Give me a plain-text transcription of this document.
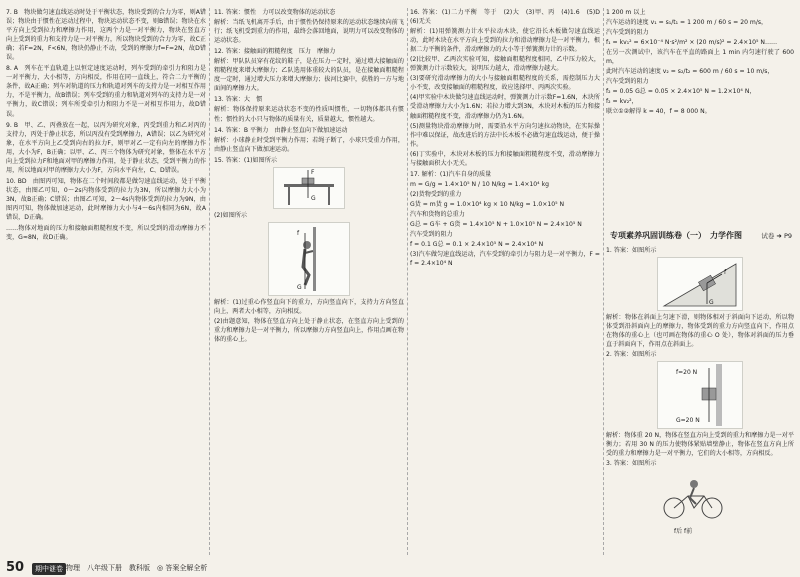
7. B　物块做匀速直线运动时处于平衡状态，物块受到的合力为零，则A错误；物块由于惯性在运动过程中，物块运动状态不变，则B错误；物块在水平方向上受到拉力和摩擦力作用，这两个力是一对平衡力，物块在竖直方向上受到的重力和支持力是一对平衡力，所以物块受到的合力为零，故C正确；若F=2N，F<6N，物块仍静止不动，受到的摩擦力f=F=2N，故D错误。

8. A　列车在平直轨道上以恒定速度运动时，列车受到的牵引力和阻力是一对平衡力，大小相等，方向相反，作用在同一直线上，符合二力平衡的条件，故A正确；列车对轨道的压力和轨道对列车的支持力是一对相互作用力，不是平衡力，故B错误；列车受到的重力和轨道对列车的支持力是一对平衡力，故C错误；列车所受牵引力和阻力不是一对相互作用力，故D错误。

9. B　甲、乙、丙叠放在一起，以丙为研究对象，丙受到重力和乙对丙的支持力，丙处于静止状态，所以丙没有受到摩擦力，A错误；以乙为研究对象，在水平方向上乙受到向右的拉力F，则甲对乙一定有向左的摩擦力作用，大小为F，B正确；以甲、乙、丙三个物体为研究对象，整体在水平方向上受到拉力F和地面对甲的摩擦力作用，处于静止状态，受到平衡力的作用，所以地面对甲的摩擦力大小为F，方向水平向左，C、D错误。

10. BD　由图丙可知，物体在二个时间段都是做匀速直线运动，处于平衡状态，由图乙可知，0～2s内物体受到的拉力为3N，所以摩擦力大小为3N，故B正确；C错误；由图乙可知，2～4s内物体受到的拉力为9N，由图丙可知，物体做加速运动，此时摩擦力大小与4～6s内相同为6N，故A错误，D正确。

……物体对地面的压力和接触面粗糙程度不变，所以受到的滑动摩擦力不变，G≈8N，故D正确。

11. 答案：惯性　力可以改变物体的运动状态

解析：当纸飞机离开手后，由于惯性仍保持原来的运动状态继续向前飞行；纸飞机受到重力的作用，最终会落回地面，说明力可以改变物体的运动状态。

12. 答案：接触面的粗糙程度　压力　摩擦力

解析：甲队队员穿有花纹的鞋子，是在压力一定时，通过增大接触面的粗糙程度来增大摩擦力；乙队选用体重较大的队员，是在接触面粗糙程度一定时，通过增大压力来增大摩擦力；拔河比赛中，获胜的一方与地面间的摩擦力大。

13. 答案：大　惯

解析：物体保持原来运动状态不变的性质叫惯性，一切物体都具有惯性；惯性的大小只与物体的质量有关，质量越大，惯性越大。

14. 答案：B 平衡力　由静止竖直向下做加速运动

解析：小球静止时受到平衡力作用；若绳子断了，小球只受重力作用，由静止竖直向下做加速运动。

15. 答案：(1)如图所示

F
G

(2)如图所示

f
G

解析：(1)过重心作竖直向下的重力，方向竖直向下，支持力方向竖直向上，两者大小相等，方向相反。

(2)由题意知，物体在竖直方向上处于静止状态，在竖直方向上受到的重力和摩擦力是一对平衡力，所以摩擦力方向竖直向上，作用点画在物体的重心上。

16. 答案：(1)二力平衡　等于　(2)大　(3)甲、丙　(4)1.6　(5)D　(6)无关

解析：(1)用弹簧测力计水平拉动木块，使它沿长木板做匀速直线运动，此时木块在水平方向上受到的拉力和滑动摩擦力是一对平衡力，根据二力平衡的条件，滑动摩擦力的大小等于弹簧测力计的示数。

(2)比较甲、乙两次实验可知，接触面粗糙程度相同，乙中压力较大，弹簧测力计示数较大，说明压力越大，滑动摩擦力越大。

(3)要研究滑动摩擦力的大小与接触面粗糙程度的关系，需控制压力大小不变，改变接触面的粗糙程度，故应选择甲、丙两次实验。

(4)甲实验中木块做匀速直线运动时，弹簧测力计示数F=1.6N，木块所受滑动摩擦力大小为1.6N；若拉力增大到3N，木块对木板的压力和接触面粗糙程度不变，滑动摩擦力仍为1.6N。

(5)测量物块滑动摩擦力时，需要沿水平方向匀速拉动物块，在实际操作中难以保证，故改进后的方法中长木板不必做匀速直线运动，便于操作。

(6)丁实验中，木块对木板的压力和接触面粗糙程度不变，滑动摩擦力与接触面积大小无关。

17. 解析：(1)汽车自身的质量

m = G/g = 1.4×10⁵ N / 10 N/kg = 1.4×10⁴ kg

(2)货物受到的重力

G货 = m货 g = 1.0×10⁴ kg × 10 N/kg = 1.0×10⁵ N

汽车和货物的总重力

G总 = G车 + G货 = 1.4×10⁵ N + 1.0×10⁵ N = 2.4×10⁵ N

汽车受到的阻力

f = 0.1 G总 = 0.1 × 2.4×10⁵ N = 2.4×10⁴ N

(3)汽车做匀速直线运动，汽车受到的牵引力与阻力是一对平衡力，F = f = 2.4×10⁴ N

1 200 m 以上

汽车运动的速度 v₁ = s₁/t₁ = 1 200 m / 60 s = 20 m/s，

汽车受到的阻力

f₁ = kv₁² = 6×10⁻⁴ N·s²/m² × (20 m/s)² = 2.4×10⁵ N……

在另一次测试中，该汽车在平直的路面上 1 min 内匀速行驶了 600 m，

此时汽车运动的速度 v₂ = s₂/t₂ = 600 m / 60 s = 10 m/s，

汽车受到的阻力

f₂ = 0.05 G总 = 0.05 × 2.4×10⁵ N = 1.2×10⁴ N，

f₂ = kv₂²，

联立①②解得 k = 40，f = 8 000 N。

专项素养巩固训练卷（一）　力学作图	试卷 ➜ P9

1. 答案：如图所示

f
G

解析：物体在斜面上匀速下滑，则物体相对于斜面向下运动，所以物体受到沿斜面向上的摩擦力，物体受到的重力方向竖直向下，作用点在物体的重心上（也可画在物体的重心 O 处），物体对斜面的压力垂直于斜面向下，作用点在斜面上。

2. 答案：如图所示

f=20 N
G=20 N

解析：物体重 20 N，物体在竖直方向上受到的重力和摩擦力是一对平衡力；若用 30 N 的压力使物体紧贴墙壁静止，物体在竖直方向上所受的重力和摩擦力是一对平衡力，它们的大小相等，方向相反。

3. 答案：如图所示

f后 f前
50	期中谜卷 物理　八年级下册　教科版　◎ 答案全解全析
